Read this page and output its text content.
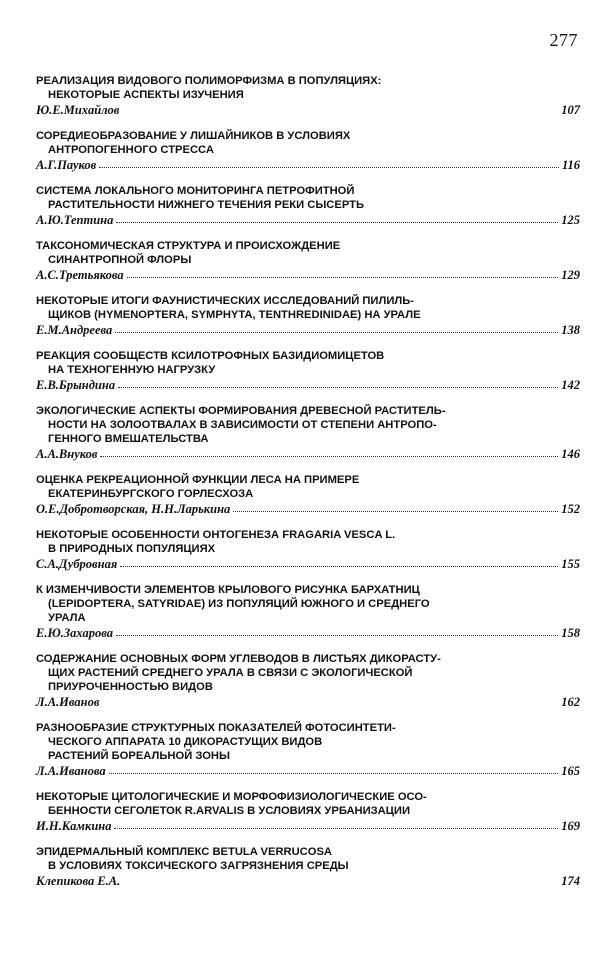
277
РЕАЛИЗАЦИЯ ВИДОВОГО ПОЛИМОРФИЗМА В ПОПУЛЯЦИЯХ:
НЕКОТОРЫЕ АСПЕКТЫ ИЗУЧЕНИЯ
Ю.Е.Михайлов	107
СОРЕДИЕОБРАЗОВАНИЕ У ЛИШАЙНИКОВ В УСЛОВИЯХ
АНТРОПОГЕННОГО СТРЕССА
А.Г.Пауков	116
СИСТЕМА ЛОКАЛЬНОГО МОНИТОРИНГА ПЕТРОФИТНОЙ
РАСТИТЕЛЬНОСТИ НИЖНЕГО ТЕЧЕНИЯ РЕКИ СЫСЕРТЬ
А.Ю.Тептина	125
ТАКСОНОМИЧЕСКАЯ СТРУКТУРА И ПРОИСХОЖДЕНИЕ
СИНАНТРОПНОЙ ФЛОРЫ
А.С.Третьякова	129
НЕКОТОРЫЕ ИТОГИ ФАУНИСТИЧЕСКИХ ИССЛЕДОВАНИЙ ПИЛИЛЬ-
ЩИКОВ (HYMENOPTERA, SYMPHYTA, TENTHREDINIDAE) НА УРАЛЕ
Е.М.Андреева	138
РЕАКЦИЯ СООБЩЕСТВ КСИЛОТРОФНЫХ БАЗИДИОМИЦЕТОВ
НА ТЕХНОГЕННУЮ НАГРУЗКУ
Е.В.Брындина	142
ЭКОЛОГИЧЕСКИЕ АСПЕКТЫ ФОРМИРОВАНИЯ ДРЕВЕСНОЙ РАСТИТЕЛЬ-
НОСТИ НА ЗОЛООТВАЛАХ В ЗАВИСИМОСТИ ОТ СТЕПЕНИ АНТРОПО-
ГЕННОГО ВМЕШАТЕЛЬСТВА
А.А.Внуков	146
ОЦЕНКА РЕКРЕАЦИОННОЙ ФУНКЦИИ ЛЕСА НА ПРИМЕРЕ
ЕКАТЕРИНБУРГСКОГО ГОРЛЕСХОЗА
О.Е.Добротворская, Н.Н.Ларькина	152
НЕКОТОРЫЕ ОСОБЕННОСТИ ОНТОГЕНЕЗА FRAGARIA VESCA L.
В ПРИРОДНЫХ ПОПУЛЯЦИЯХ
С.А.Дубровная	155
К ИЗМЕНЧИВОСТИ ЭЛЕМЕНТОВ КРЫЛОВОГО РИСУНКА БАРХАТНИЦ
(LEPIDOPTERA, SATYRIDAE) ИЗ ПОПУЛЯЦИЙ ЮЖНОГО И СРЕДНЕГО
УРАЛА
Е.Ю.Захарова	158
СОДЕРЖАНИЕ ОСНОВНЫХ ФОРМ УГЛЕВОДОВ В ЛИСТЬЯХ ДИКОРАСТУ-
ЩИХ РАСТЕНИЙ СРЕДНЕГО УРАЛА В СВЯЗИ С ЭКОЛОГИЧЕСКОЙ
ПРИУРОЧЕННОСТЬЮ ВИДОВ
Л.А.Иванов	162
РАЗНООБРАЗИЕ СТРУКТУРНЫХ ПОКАЗАТЕЛЕЙ ФОТОСИНТЕТИ-
ЧЕСКОГО АППАРАТА 10 ДИКОРАСТУЩИХ ВИДОВ
РАСТЕНИЙ БОРЕАЛЬНОЙ ЗОНЫ
Л.А.Иванова	165
НЕКОТОРЫЕ ЦИТОЛОГИЧЕСКИЕ И МОРФОФИЗИОЛОГИЧЕСКИЕ ОСО-
БЕННОСТИ СЕГОЛЕТОК R.ARVALIS В УСЛОВИЯХ УРБАНИЗАЦИИ
И.Н.Камкина	169
ЭПИДЕРМАЛЬНЫЙ КОМПЛЕКС BETULA VERRUCOSA
В УСЛОВИЯХ ТОКСИЧЕСКОГО ЗАГРЯЗНЕНИЯ СРЕДЫ
Клепикова Е.А.	174
